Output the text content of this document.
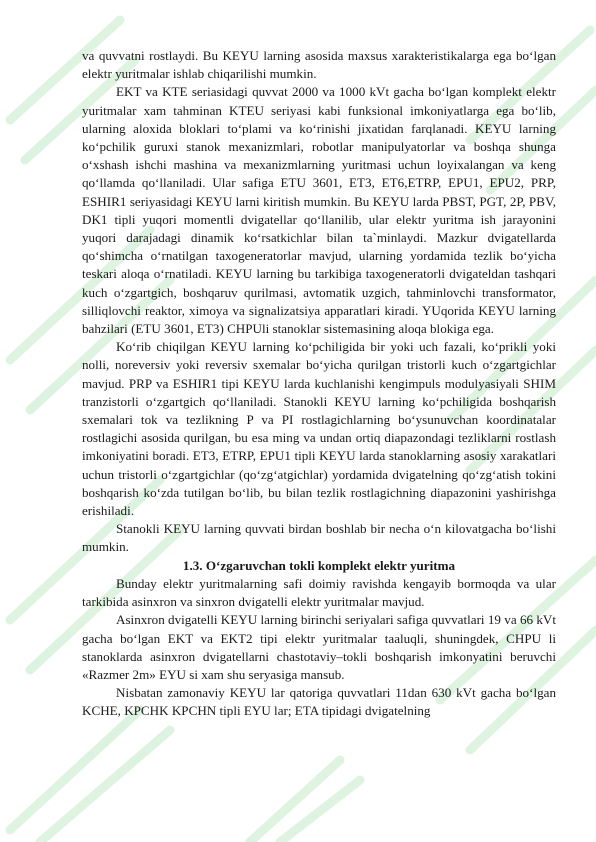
va quvvatni rostlaydi. Bu KEYU larning asosida maxsus xarakteristikalarga ega bo‘lgan elektr yuritmalar ishlab chiqarilishi mumkin.

EKT va KTE seriasidagi quvvat 2000 va 1000 kVt gacha bo‘lgan komplekt elektr yuritmalar xam tahminan KTEU seriyasi kabi funksional imkoniyatlarga ega bo‘lib, ularning aloxida bloklari to‘plami va ko‘rinishi jixatidan farqlanadi. KEYU larning ko‘pchilik guruxi stanok mexanizmlari, robotlar manipulyatorlar va boshqa shunga o‘xshash ishchi mashina va mexanizmlarning yuritmasi uchun loyixalangan va keng qo‘llamda qo‘llaniladi. Ular safiga ETU 3601, ET3, ET6,ETRP, EPU1, EPU2, PRP, ESHIR1 seriyasidagi KEYU larni kiritish mumkin. Bu KEYU larda PBST, PGT, 2P, PBV, DK1 tipli yuqori momentli dvigatellar qo‘llanilib, ular elektr yuritma ish jarayonini yuqori darajadagi dinamik ko‘rsatkichlar bilan ta`minlaydi. Mazkur dvigatellarda qo‘shimcha o‘rnatilgan taxogeneratorlar mavjud, ularning yordamida tezlik bo‘yicha teskari aloqa o‘rnatiladi. KEYU larning bu tarkibiga taxogeneratorli dvigateldan tashqari kuch o‘zgartgich, boshqaruv qurilmasi, avtomatik uzgich, tahminlovchi transformator, silliqlovchi reaktor, ximoya va signalizatsiya apparatlari kiradi. YUqorida KEYU larning bahzilari (ETU 3601, ET3) CHPUli stanoklar sistemasining aloqa blokiga ega.

Ko‘rib chiqilgan KEYU larning ko‘pchiligida bir yoki uch fazali, ko‘prikli yoki nolli, noreversiv yoki reversiv sxemalar bo‘yicha qurilgan tristorli kuch o‘zgartgichlar mavjud. PRP va ESHIR1 tipi KEYU larda kuchlanishi kengimpuls modulyasiyali SHIM tranzistorli o‘zgartgich qo‘llaniladi. Stanokli KEYU larning ko‘pchiligida boshqarish sxemalari tok va tezlikning P va PI rostlagichlarning bo‘ysunuvchan koordinatalar rostlagichi asosida qurilgan, bu esa ming va undan ortiq diapazondagi tezliklarni rostlash imkoniyatini boradi. ET3, ETRP, EPU1 tipli KEYU larda stanoklarning asosiy xarakatlari uchun tristorli o‘zgartgichlar (qo‘zg‘atgichlar) yordamida dvigatelning qo‘zg‘atish tokini boshqarish ko‘zda tutilgan bo‘lib, bu bilan tezlik rostlagichning diapazonini yashirishga erishiladi.

Stanokli KEYU larning quvvati birdan boshlab bir necha o‘n kilovatgacha bo‘lishi mumkin.

1.3. O‘zgaruvchan tokli komplekt elektr yuritma

Bunday elektr yuritmalarning safi doimiy ravishda kengayib bormoqda va ular tarkibida asinxron va sinxron dvigatelli elektr yuritmalar mavjud.

Asinxron dvigatelli KEYU larning birinchi seriyalari safiga quvvatlari 19 va 66 kVt gacha bo‘lgan EKT va EKT2 tipi elektr yuritmalar taaluqli, shuningdek, CHPU li stanoklarda asinxron dvigatellarni chastotaviy–tokli boshqarish imkonyatini beruvchi «Razmer 2m» EYU si xam shu seryasiga mansub.

Nisbatan zamonaviy KEYU lar qatoriga quvvatlari 11dan 630 kVt gacha bo‘lgan KCHE, KPCHK KPCHN tipli EYU lar; ETA tipidagi dvigatelning
